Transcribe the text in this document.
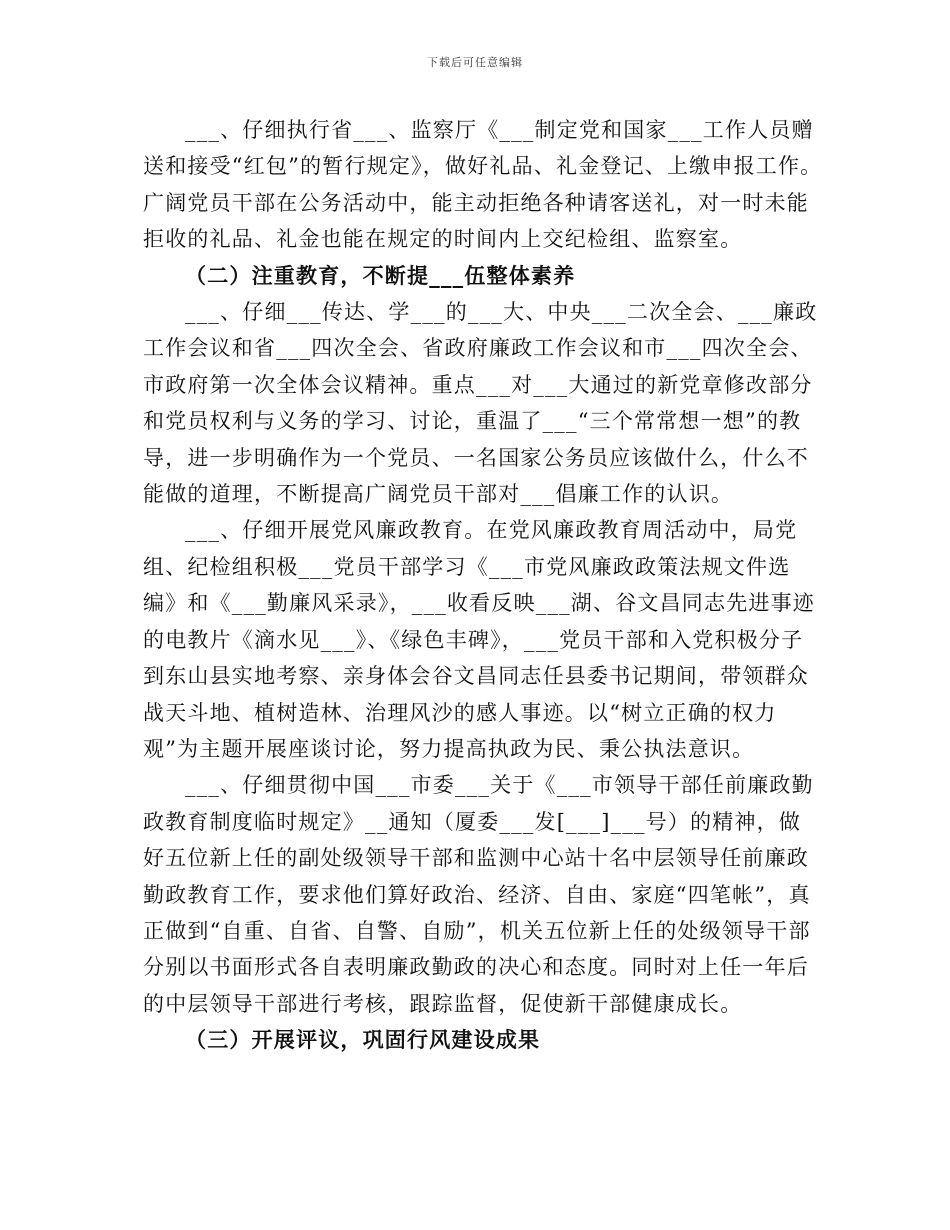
下载后可任意编辑

___、仔细执行省___、监察厅《___制定党和国家___工作人员赠送和接受“红包”的暂行规定》，做好礼品、礼金登记、上缴申报工作。广阔党员干部在公务活动中，能主动拒绝各种请客送礼，对一时未能拒收的礼品、礼金也能在规定的时间内上交纪检组、监察室。

（二）注重教育，不断提___伍整体素养

___、仔细___传达、学___的___大、中央___二次全会、___廉政工作会议和省___四次全会、省政府廉政工作会议和市___四次全会、市政府第一次全体会议精神。重点___对___大通过的新党章修改部分和党员权利与义务的学习、讨论，重温了___“三个常常想一想”的教导，进一步明确作为一个党员、一名国家公务员应该做什么，什么不能做的道理，不断提高广阔党员干部对___倡廉工作的认识。

___、仔细开展党风廉政教育。在党风廉政教育周活动中，局党组、纪检组积极___党员干部学习《___市党风廉政政策法规文件选编》和《___勤廉风采录》，___收看反映___湖、谷文昌同志先进事迹的电教片《滴水见___》、《绿色丰碑》，___党员干部和入党积极分子到东山县实地考察、亲身体会谷文昌同志任县委书记期间，带领群众战天斗地、植树造林、治理风沙的感人事迹。以“树立正确的权力观”为主题开展座谈讨论，努力提高执政为民、秉公执法意识。

___、仔细贯彻中国___市委___关于《___市领导干部任前廉政勤政教育制度临时规定》__通知（厦委___发[___]___号）的精神，做好五位新上任的副处级领导干部和监测中心站十名中层领导任前廉政勤政教育工作，要求他们算好政治、经济、自由、家庭“四笔帐”，真正做到“自重、自省、自警、自励”，机关五位新上任的处级领导干部分别以书面形式各自表明廉政勤政的决心和态度。同时对上任一年后的中层领导干部进行考核，跟踪监督，促使新干部健康成长。

（三）开展评议，巩固行风建设成果
